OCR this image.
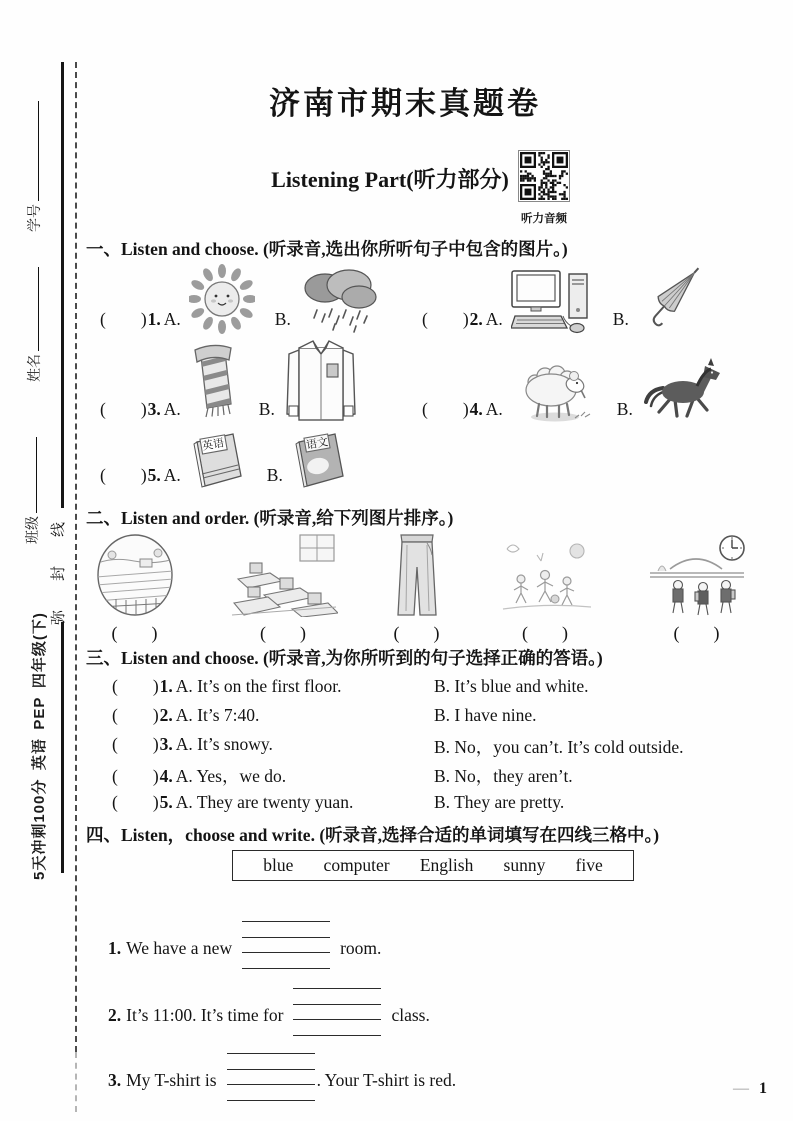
学号
姓名
班级 线
封
弥
5天冲刺100分 英语 PEP 四年级(下)
济南市期末真题卷
Listening Part(听力部分)
听力音频
一、Listen and choose. (听录音,选出你所听句子中包含的图片。)
(        )1. A.	B.	(        )2. A.	B.
(        )3. A.	B.	(        )4. A.	B.
(        )5. A.
英语
B.
语文
二、Listen and order. (听录音,给下列图片排序。)
(      )	(      )	(      )	(      )	(      )
三、Listen and choose. (听录音,为你所听到的句子选择正确的答语。)
(        )1. A. It’s on the first floor.	B. It’s blue and white.
(        )2. A. It’s 7:40.	B. I have nine.
(        )3. A. It’s snowy.	B. No，you can’t. It’s cold outside.
(        )4. A. Yes，we do.	B. No，they aren’t.
(        )5. A. They are twenty yuan.	B. They are pretty.
四、Listen，choose and write. (听录音,选择合适的单词填写在四线三格中。)
blue computer English sunny five
1. We have a new	room.
2. It’s 11:00. It’s time for	class.
3. My T-shirt is	. Your T-shirt is red.	— 1
